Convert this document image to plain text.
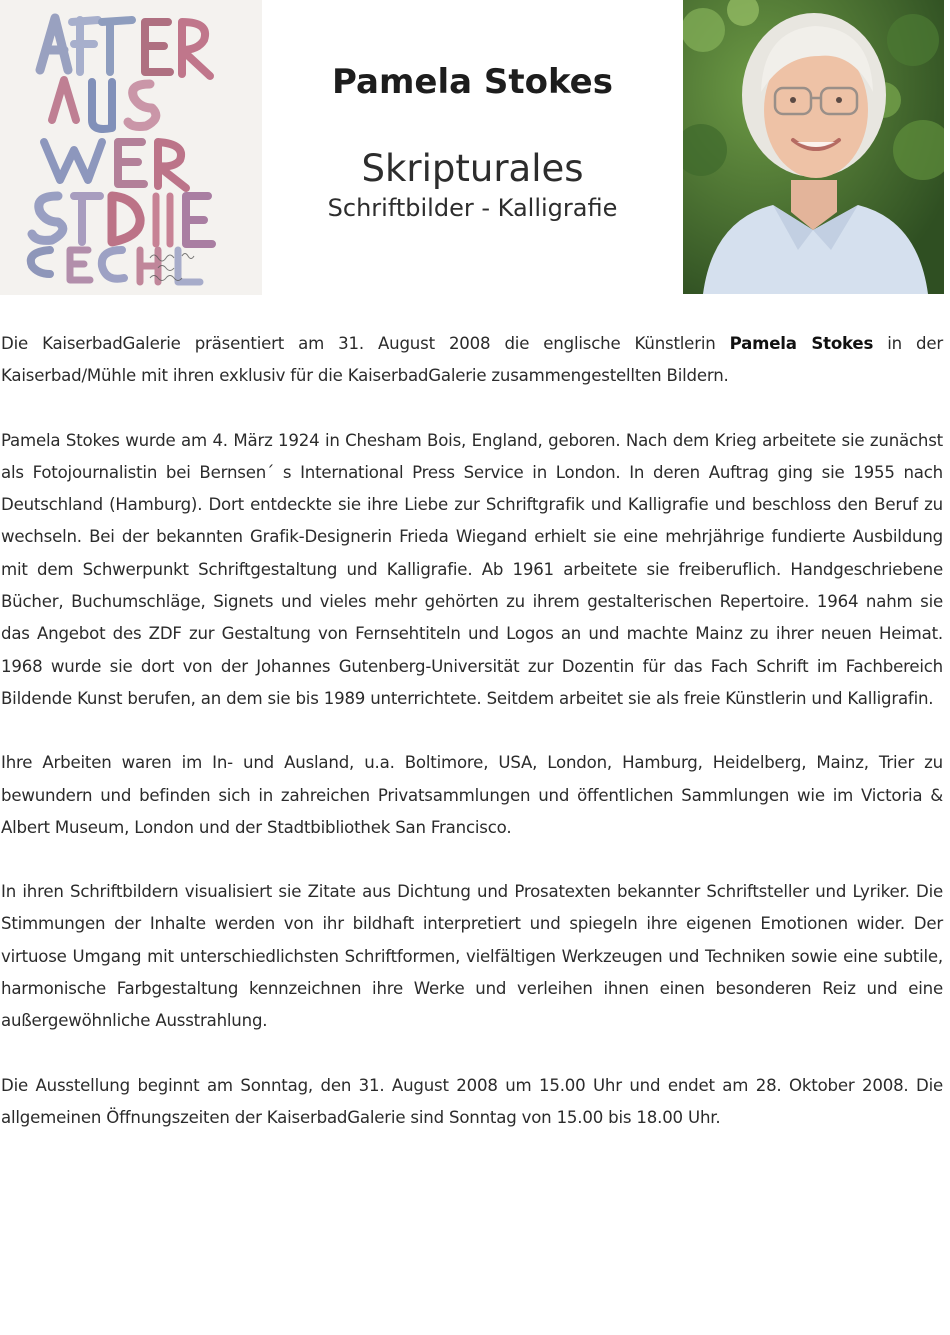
Pamela Stokes
Skripturales
Schriftbilder - Kalligrafie

Die KaiserbadGalerie präsentiert am 31. August 2008 die englische Künstlerin Pamela Stokes in der Kaiserbad/Mühle mit ihren exklusiv für die KaiserbadGalerie zusammengestellten Bildern.

Pamela Stokes wurde am 4. März 1924 in Chesham Bois, England, geboren. Nach dem Krieg arbeitete sie zunächst als Fotojournalistin bei Bernsen´ s International Press Service in London. In deren Auftrag ging sie 1955 nach Deutschland (Hamburg). Dort entdeckte sie ihre Liebe zur Schriftgrafik und Kalligrafie und beschloss den Beruf zu wechseln. Bei der bekannten Grafik-Designerin Frieda Wiegand erhielt sie eine mehrjährige fundierte Ausbildung mit dem Schwerpunkt Schriftgestaltung und Kalligrafie. Ab 1961 arbeitete sie freiberuflich. Handgeschriebene Bücher, Buchumschläge, Signets und vieles mehr gehörten zu ihrem gestalterischen Repertoire. 1964 nahm sie das Angebot des ZDF zur Gestaltung von Fernsehtiteln und Logos an und machte Mainz zu ihrer neuen Heimat. 1968 wurde sie dort von der Johannes Gutenberg-Universität zur Dozentin für das Fach Schrift im Fachbereich Bildende Kunst berufen, an dem sie bis 1989 unterrichtete. Seitdem arbeitet sie als freie Künstlerin und Kalligrafin.

Ihre Arbeiten waren im In- und Ausland, u.a. Boltimore, USA, London, Hamburg, Heidelberg, Mainz, Trier zu bewundern und befinden sich in zahreichen Privatsammlungen und öffentlichen Sammlungen wie im Victoria & Albert Museum, London und der Stadtbibliothek San Francisco.

In ihren Schriftbildern visualisiert sie Zitate aus Dichtung und Prosatexten bekannter Schriftsteller und Lyriker. Die Stimmungen der Inhalte werden von ihr bildhaft interpretiert und spiegeln ihre eigenen Emotionen wider. Der virtuose Umgang mit unterschiedlichsten Schriftformen, vielfältigen Werkzeugen und Techniken sowie eine subtile, harmonische Farbgestaltung kennzeichnen ihre Werke und verleihen ihnen einen besonderen Reiz und eine außergewöhnliche Ausstrahlung.

Die Ausstellung beginnt am Sonntag, den 31. August 2008 um 15.00 Uhr und endet am 28. Oktober 2008. Die allgemeinen Öffnungszeiten der KaiserbadGalerie sind Sonntag von 15.00 bis 18.00 Uhr.
